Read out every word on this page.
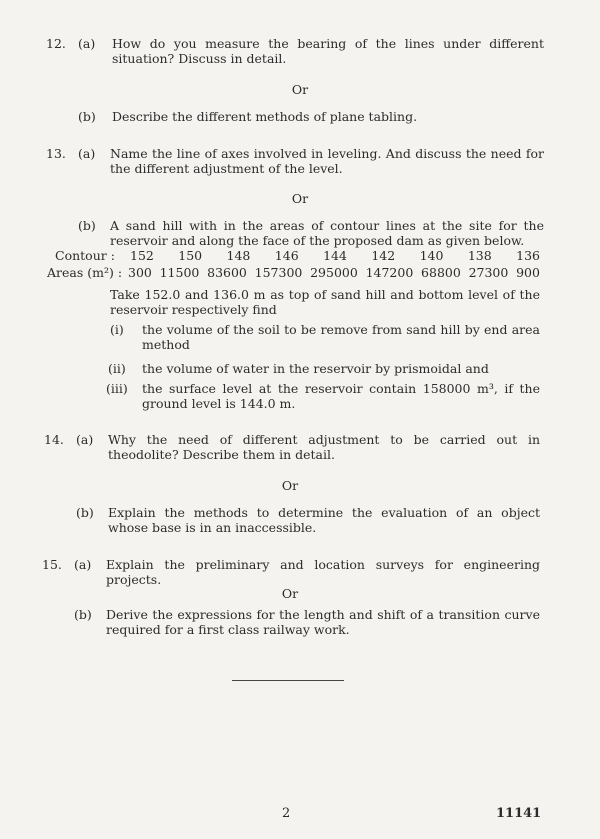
12. (a) How do you measure the bearing of the lines under different situation? Discuss in detail.
Or
(b) Describe the different methods of plane tabling.
13. (a) Name the line of axes involved in leveling. And discuss the need for the different adjustment of the level.
Or
(b) A sand hill with in the areas of contour lines at the site for the reservoir and along the face of the proposed dam as given below.
Contour : 152 150 148 146 144 142 140 138 136
Areas (m²) : 300 11500 83600 157300 295000 147200 68800 27300 900
Take 152.0 and 136.0 m as top of sand hill and bottom level of the reservoir respectively find
(i) the volume of the soil to be remove from sand hill by end area method
(ii) the volume of water in the reservoir by prismoidal and
(iii) the surface level at the reservoir contain 158000 m³, if the ground level is 144.0 m.
14. (a) Why the need of different adjustment to be carried out in theodolite? Describe them in detail.
Or
(b) Explain the methods to determine the evaluation of an object whose base is in an inaccessible.
15. (a) Explain the preliminary and location surveys for engineering projects.
Or
(b) Derive the expressions for the length and shift of a transition curve required for a first class railway work.
2	11141
